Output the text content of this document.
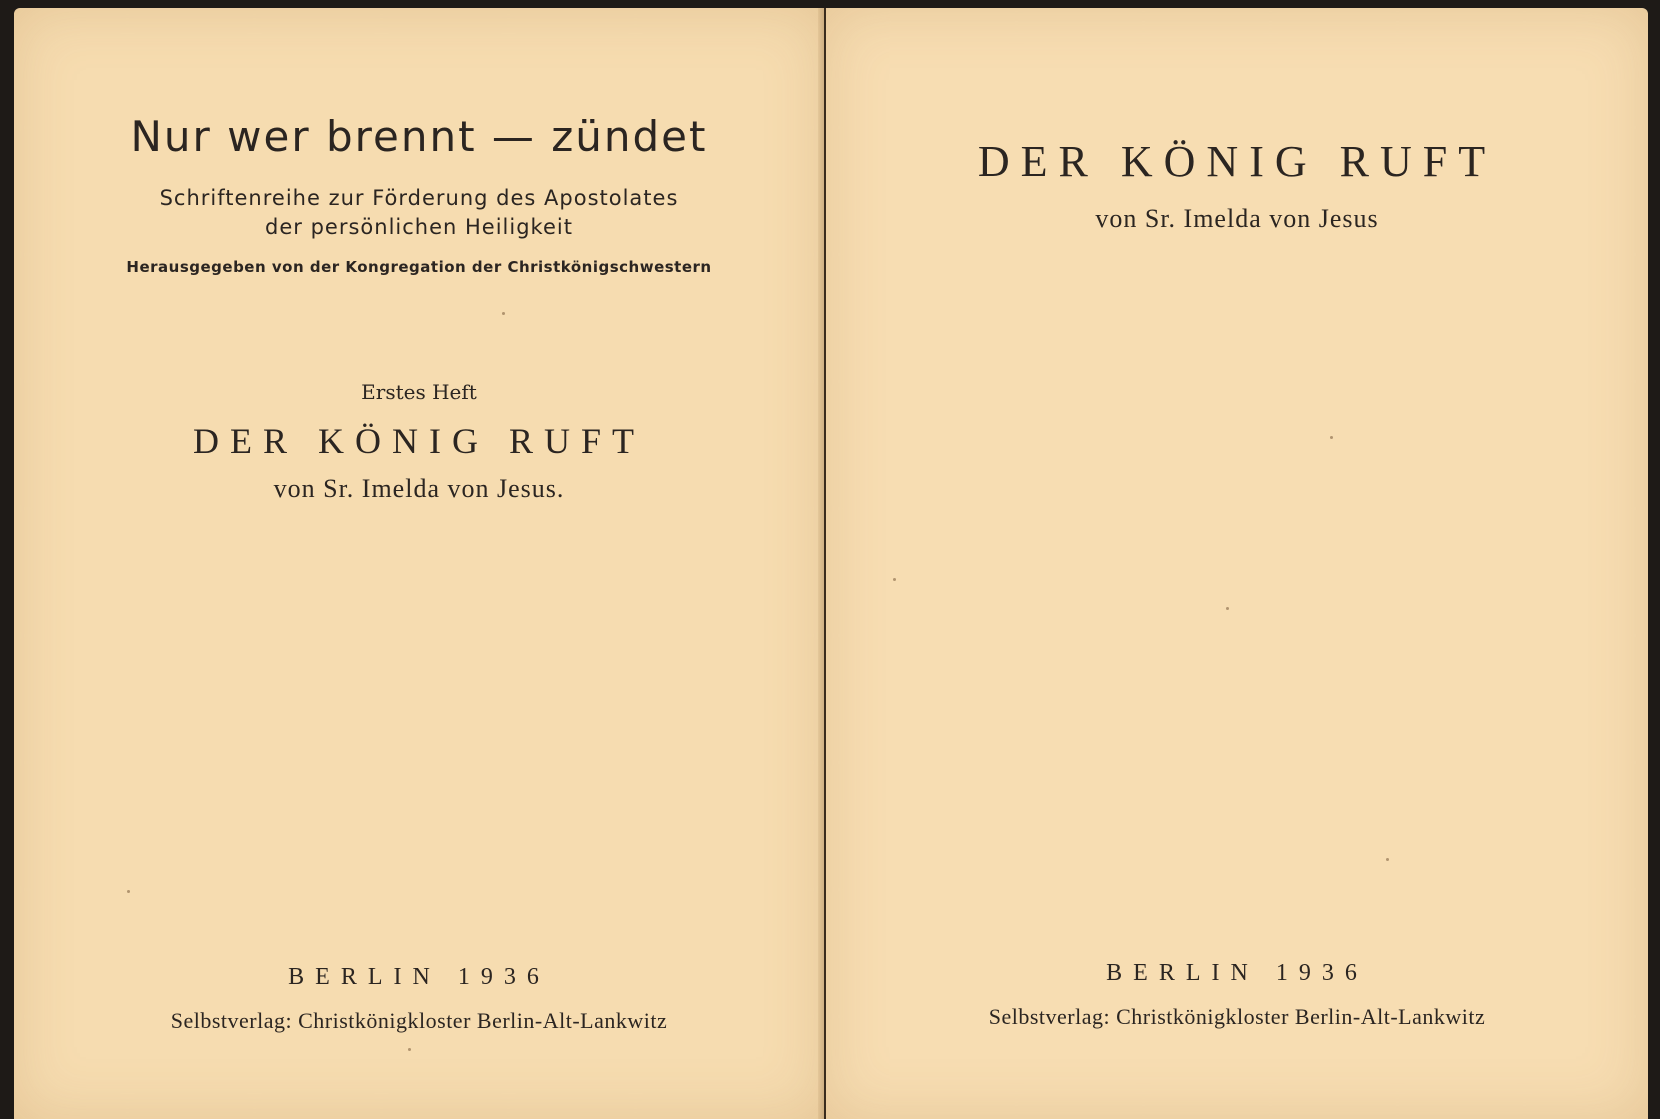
Nur wer brennt — zündet
Schriftenreihe zur Förderung des Apostolates
der persönlichen Heiligkeit
Herausgegeben von der Kongregation der Christkönigschwestern
Erstes Heft
DER KÖNIG RUFT
von Sr. Imelda von Jesus.
BERLIN 1936
Selbstverlag: Christkönigkloster Berlin-Alt-Lankwitz
DER KÖNIG RUFT
von Sr. Imelda von Jesus
BERLIN 1936
Selbstverlag: Christkönigkloster Berlin-Alt-Lankwitz
